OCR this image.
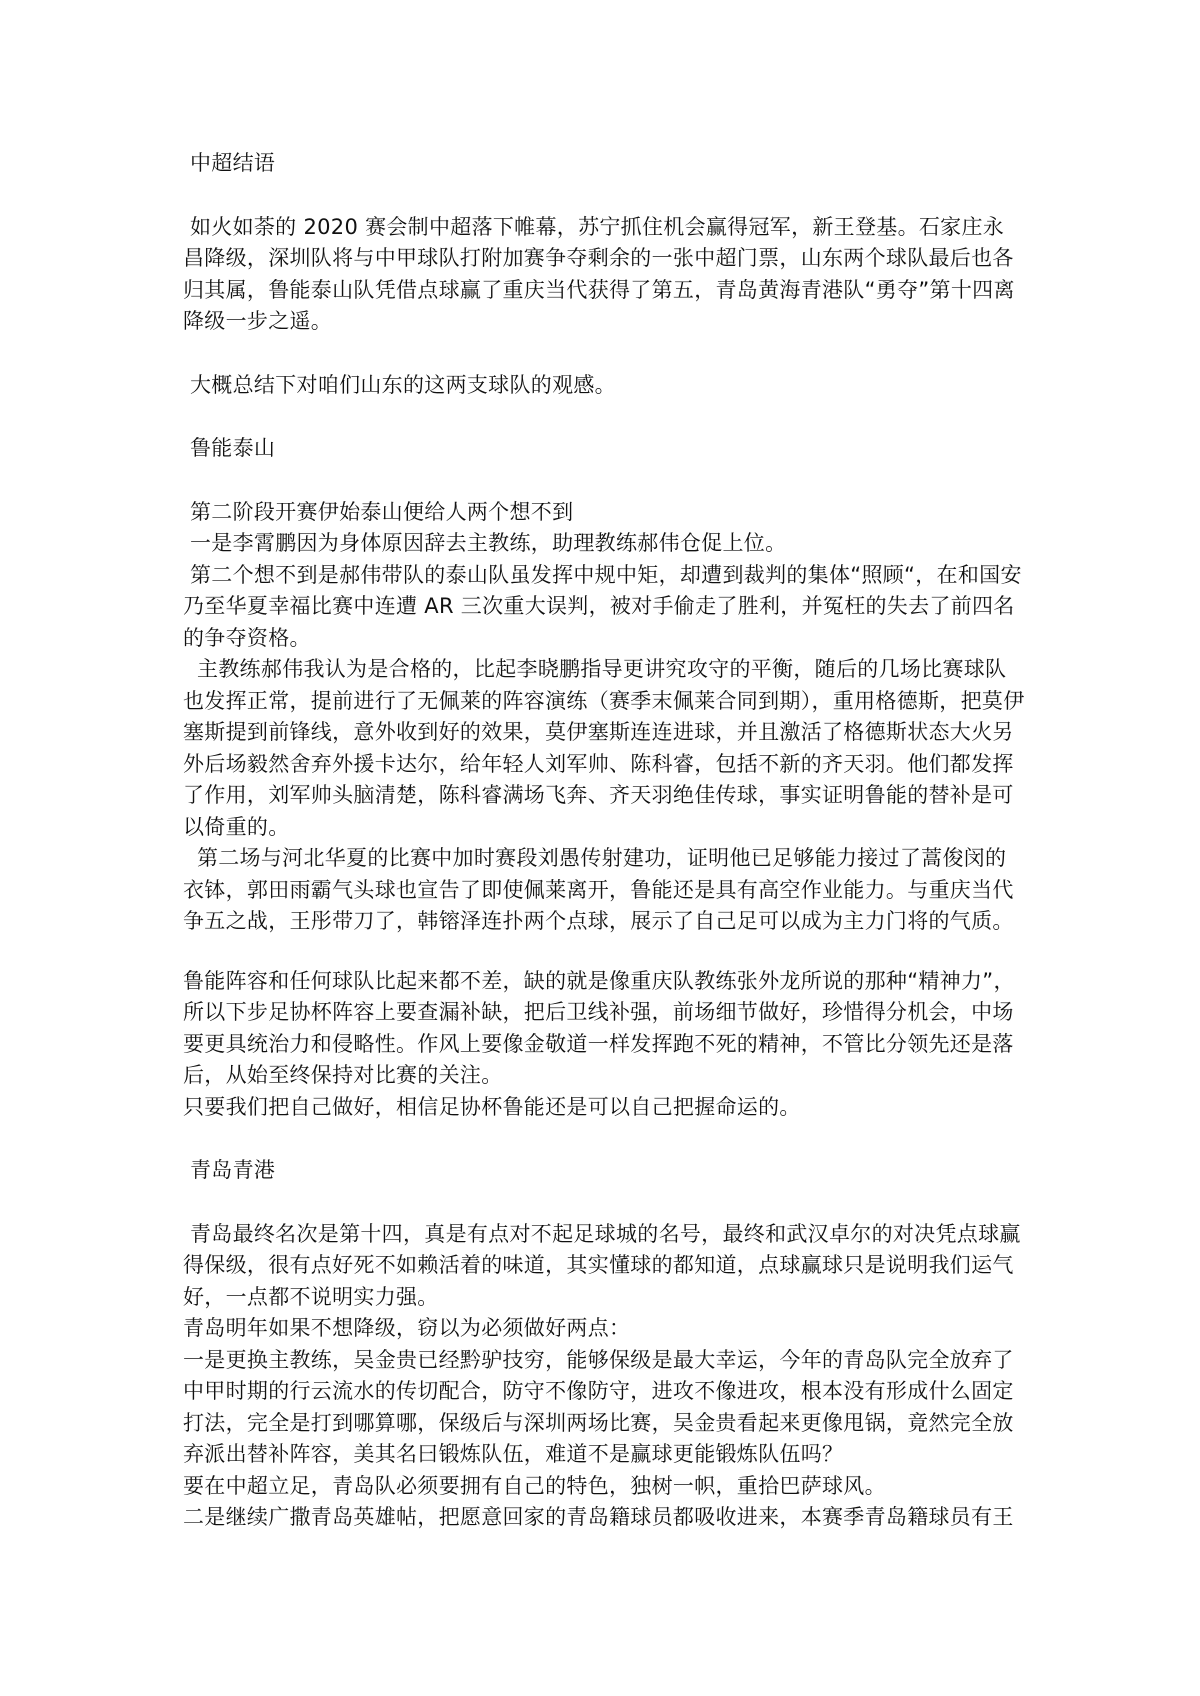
中超结语

如火如荼的 2020 赛会制中超落下帷幕，苏宁抓住机会赢得冠军，新王登基。石家庄永昌降级，深圳队将与中甲球队打附加赛争夺剩余的一张中超门票，山东两个球队最后也各归其属，鲁能泰山队凭借点球赢了重庆当代获得了第五，青岛黄海青港队“勇夺”第十四离降级一步之遥。

大概总结下对咱们山东的这两支球队的观感。

鲁能泰山

第二阶段开赛伊始泰山便给人两个想不到

一是李霄鹏因为身体原因辞去主教练，助理教练郝伟仓促上位。

第二个想不到是郝伟带队的泰山队虽发挥中规中矩，却遭到裁判的集体“照顾“，在和国安乃至华夏幸福比赛中连遭 AR 三次重大误判，被对手偷走了胜利，并冤枉的失去了前四名的争夺资格。

主教练郝伟我认为是合格的，比起李晓鹏指导更讲究攻守的平衡，随后的几场比赛球队也发挥正常，提前进行了无佩莱的阵容演练（赛季末佩莱合同到期），重用格德斯，把莫伊塞斯提到前锋线，意外收到好的效果，莫伊塞斯连连进球，并且激活了格德斯状态大火另外后场毅然舍弃外援卡达尔，给年轻人刘军帅、陈科睿，包括不新的齐天羽。他们都发挥了作用，刘军帅头脑清楚，陈科睿满场飞奔、齐天羽绝佳传球，事实证明鲁能的替补是可以倚重的。

第二场与河北华夏的比赛中加时赛段刘愚传射建功，证明他已足够能力接过了蒿俊闵的衣钵，郭田雨霸气头球也宣告了即使佩莱离开，鲁能还是具有高空作业能力。与重庆当代争五之战，王彤带刀了，韩镕泽连扑两个点球，展示了自己足可以成为主力门将的气质。

鲁能阵容和任何球队比起来都不差，缺的就是像重庆队教练张外龙所说的那种“精神力”，所以下步足协杯阵容上要查漏补缺，把后卫线补强，前场细节做好，珍惜得分机会，中场要更具统治力和侵略性。作风上要像金敬道一样发挥跑不死的精神，不管比分领先还是落后，从始至终保持对比赛的关注。

只要我们把自己做好，相信足协杯鲁能还是可以自己把握命运的。

青岛青港

青岛最终名次是第十四，真是有点对不起足球城的名号，最终和武汉卓尔的对决凭点球赢得保级，很有点好死不如赖活着的味道，其实懂球的都知道，点球赢球只是说明我们运气好，一点都不说明实力强。

青岛明年如果不想降级，窃以为必须做好两点：

一是更换主教练，吴金贵已经黔驴技穷，能够保级是最大幸运，今年的青岛队完全放弃了中甲时期的行云流水的传切配合，防守不像防守，进攻不像进攻，根本没有形成什么固定打法，完全是打到哪算哪，保级后与深圳两场比赛，吴金贵看起来更像甩锅，竟然完全放弃派出替补阵容，美其名曰锻炼队伍，难道不是赢球更能锻炼队伍吗？

要在中超立足，青岛队必须要拥有自己的特色，独树一帜，重拾巴萨球风。

二是继续广撒青岛英雄帖，把愿意回家的青岛籍球员都吸收进来，本赛季青岛籍球员有王
